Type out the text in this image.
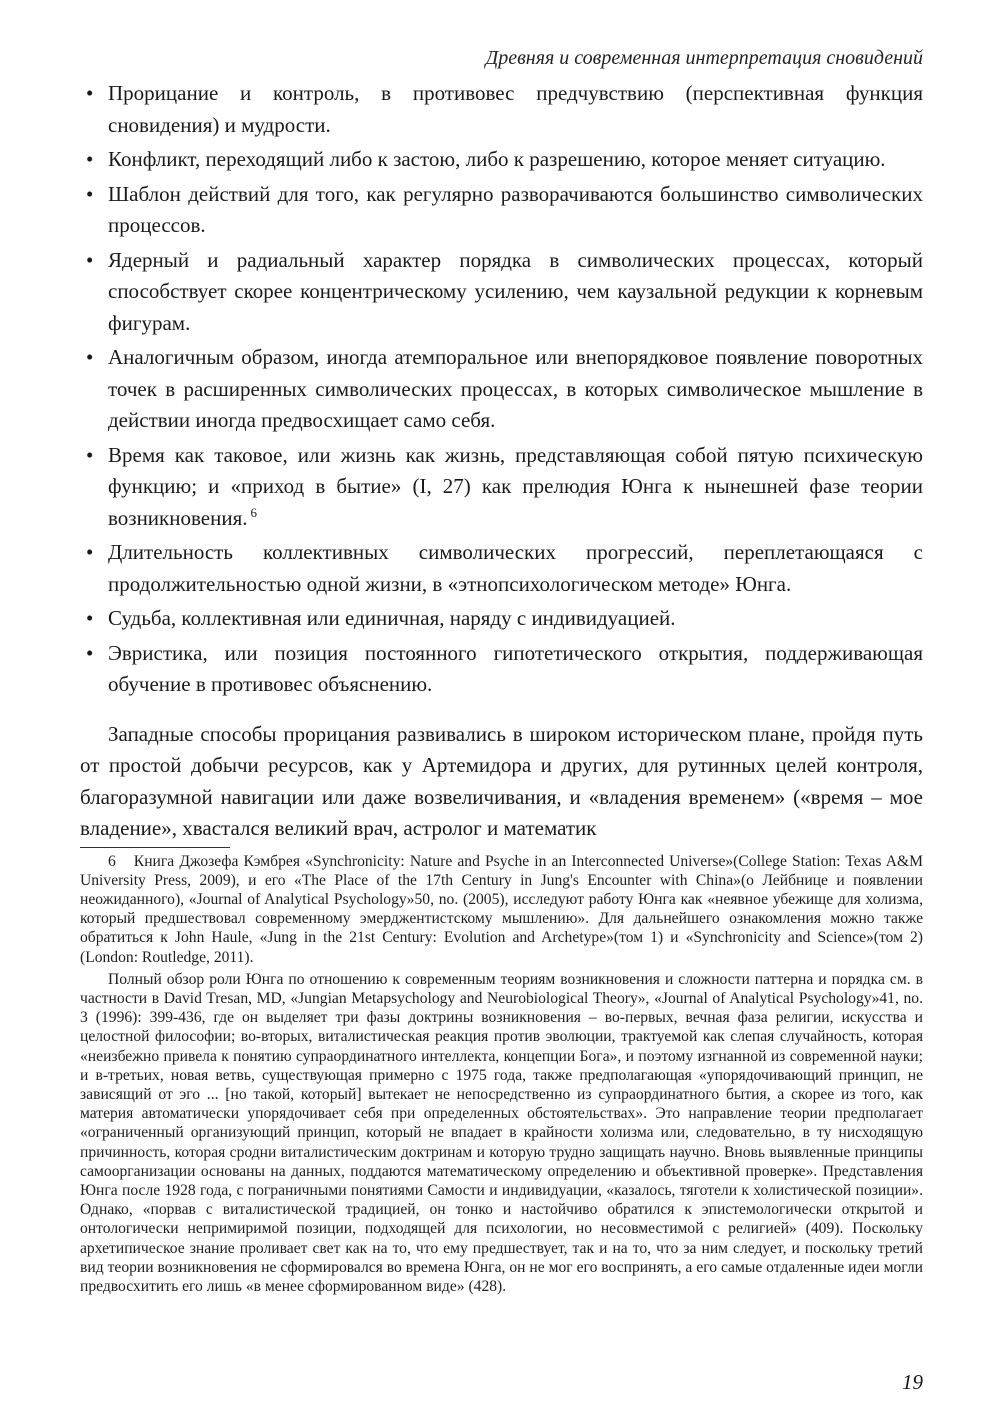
Древняя и современная интерпретация сновидений
• Прорицание и контроль, в противовес предчувствию (перспективная функция сновидения) и мудрости.
• Конфликт, переходящий либо к застою, либо к разрешению, которое меняет ситуацию.
• Шаблон действий для того, как регулярно разворачиваются большинство символических процессов.
• Ядерный и радиальный характер порядка в символических процессах, который способствует скорее концентрическому усилению, чем каузальной редукции к корневым фигурам.
• Аналогичным образом, иногда атемпоральное или внепорядковое появление поворотных точек в расширенных символических процессах, в которых символическое мышление в действии иногда предвосхищает само себя.
• Время как таковое, или жизнь как жизнь, представляющая собой пятую психическую функцию; и «приход в бытие» (I, 27) как прелюдия Юнга к нынешней фазе теории возникновения. $^6$
• Длительность коллективных символических прогрессий, переплетающаяся с продолжительностью одной жизни, в «этнопсихологическом методе» Юнга.
• Судьба, коллективная или единичная, наряду с индивидуацией.
• Эвристика, или позиция постоянного гипотетического открытия, поддерживающая обучение в противовес объяснению.

Западные способы прорицания развивались в широком историческом плане, пройдя путь от простой добычи ресурсов, как у Артемидора и других, для рутинных целей контроля, благоразумной навигации или даже возвеличивания, и «владения временем» («время – мое владение», хвастался великий врач, астролог и математик

6 Книга Джозефа Кэмбрея «Synchronicity: Nature and Psyche in an Interconnected Universe»(College Station: Texas A&M University Press, 2009), и его «The Place of the 17th Century in Jung's Encounter with China»(о Лейбнице и появлении неожиданного), «Journal of Analytical Psychology»50, no. (2005), исследуют работу Юнга как «неявное убежище для холизма, который предшествовал современному эмерджентистскому мышлению». Для дальнейшего ознакомления можно также обратиться к John Haule, «Jung in the 21st Century: Evolution and Archetype»(том 1) и «Synchronicity and Science»(том 2) (London: Routledge, 2011).

Полный обзор роли Юнга по отношению к современным теориям возникновения и сложности паттерна и порядка см. в частности в David Tresan, MD, «Jungian Metapsychology and Neurobiological Theory», «Journal of Analytical Psychology»41, no. 3 (1996): 399-436, где он выделяет три фазы доктрины возникновения – во-первых, вечная фаза религии, искусства и целостной философии; во-вторых, виталистическая реакция против эволюции, трактуемой как слепая случайность, которая «неизбежно привела к понятию супраординатного интеллекта, концепции Бога», и поэтому изгнанной из современной науки; и в-третьих, новая ветвь, существующая примерно с 1975 года, также предполагающая «упорядочивающий принцип, не зависящий от эго ... [но такой, который] вытекает не непосредственно из супраординатного бытия, а скорее из того, как материя автоматически упорядочивает себя при определенных обстоятельствах». Это направление теории предполагает «ограниченный организующий принцип, который не впадает в крайности холизма или, следовательно, в ту нисходящую причинность, которая сродни виталистическим доктринам и которую трудно защищать научно. Вновь выявленные принципы самоорганизации основаны на данных, поддаются математическому определению и объективной проверке». Представления Юнга после 1928 года, с пограничными понятиями Самости и индивидуации, «казалось, тяготели к холистической позиции». Однако, «порвав с виталистической традицией, он тонко и настойчиво обратился к эпистемологически открытой и онтологически непримиримой позиции, подходящей для психологии, но несовместимой с религией» (409). Поскольку архетипическое знание проливает свет как на то, что ему предшествует, так и на то, что за ним следует, и поскольку третий вид теории возникновения не сформировался во времена Юнга, он не мог его воспринять, а его самые отдаленные идеи могли предвосхитить его лишь «в менее сформированном виде» (428).

19
